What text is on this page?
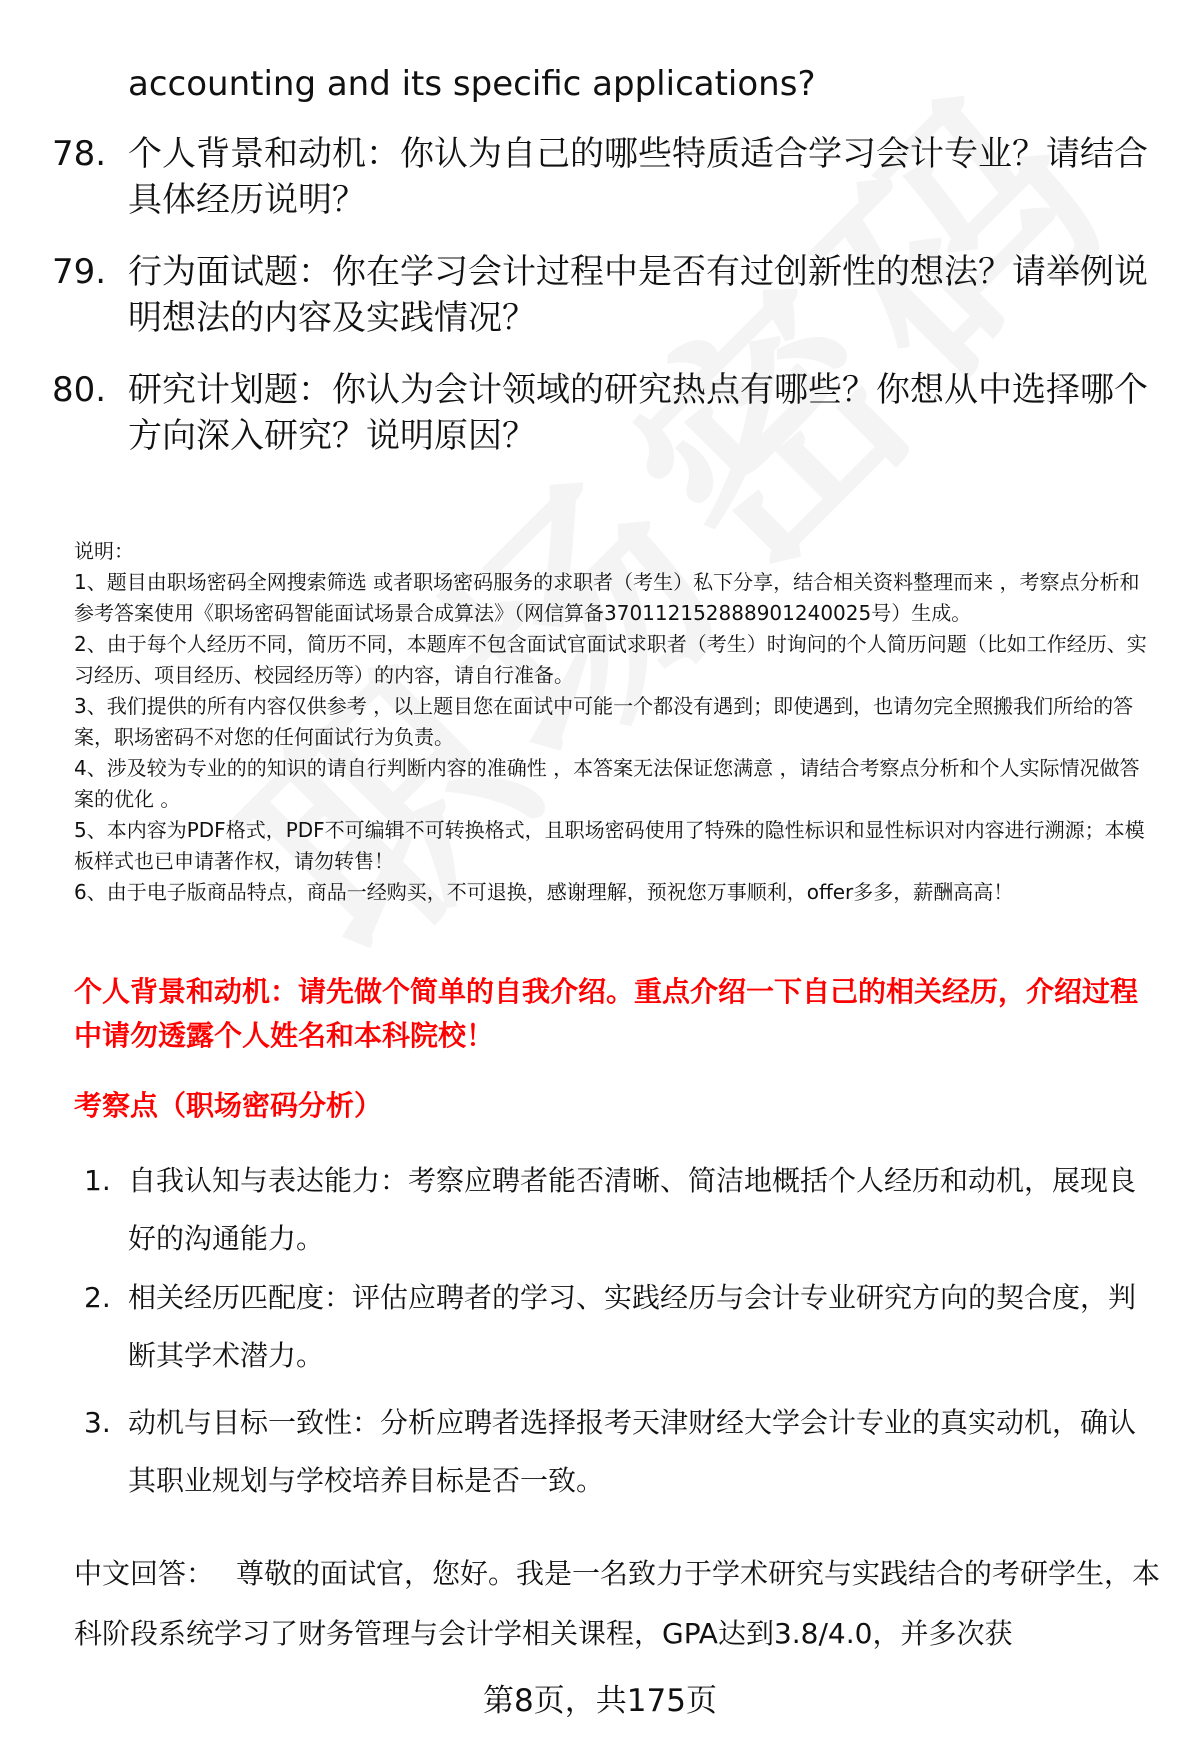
accounting and its specific applications?
78. 个人背景和动机：你认为自己的哪些特质适合学习会计专业？请结合具体经历说明？
79. 行为面试题：你在学习会计过程中是否有过创新性的想法？请举例说明想法的内容及实践情况？
80. 研究计划题：你认为会计领域的研究热点有哪些？你想从中选择哪个方向深入研究？说明原因？
说明：
1、题目由职场密码全网搜索筛选 或者职场密码服务的求职者（考生）私下分享，结合相关资料整理而来 ，考察点分析和参考答案使用《职场密码智能面试场景合成算法》（网信算备370112152888901240025号）生成。
2、由于每个人经历不同，简历不同，本题库不包含面试官面试求职者（考生）时询问的个人简历问题（比如工作经历、实习经历、项目经历、校园经历等）的内容，请自行准备。
3、我们提供的所有内容仅供参考 ，以上题目您在面试中可能一个都没有遇到；即使遇到，也请勿完全照搬我们所给的答案，职场密码不对您的任何面试行为负责。
4、涉及较为专业的的知识的请自行判断内容的准确性 ，本答案无法保证您满意 ，请结合考察点分析和个人实际情况做答案的优化 。
5、本内容为PDF格式，PDF不可编辑不可转换格式，且职场密码使用了特殊的隐性标识和显性标识对内容进行溯源；本模板样式也已申请著作权，请勿转售！
6、由于电子版商品特点，商品一经购买，不可退换，感谢理解，预祝您万事顺利，offer多多，薪酬高高！
个人背景和动机：请先做个简单的自我介绍。重点介绍一下自己的相关经历，介绍过程中请勿透露个人姓名和本科院校！
考察点（职场密码分析）
1. 自我认知与表达能力：考察应聘者能否清晰、简洁地概括个人经历和动机，展现良好的沟通能力。
2. 相关经历匹配度：评估应聘者的学习、实践经历与会计专业研究方向的契合度，判断其学术潜力。
3. 动机与目标一致性：分析应聘者选择报考天津财经大学会计专业的真实动机，确认其职业规划与学校培养目标是否一致。
中文回答： 尊敬的面试官，您好。我是一名致力于学术研究与实践结合的考研学生，本科阶段系统学习了财务管理与会计学相关课程，GPA达到3.8/4.0，并多次获
第8页，共175页
